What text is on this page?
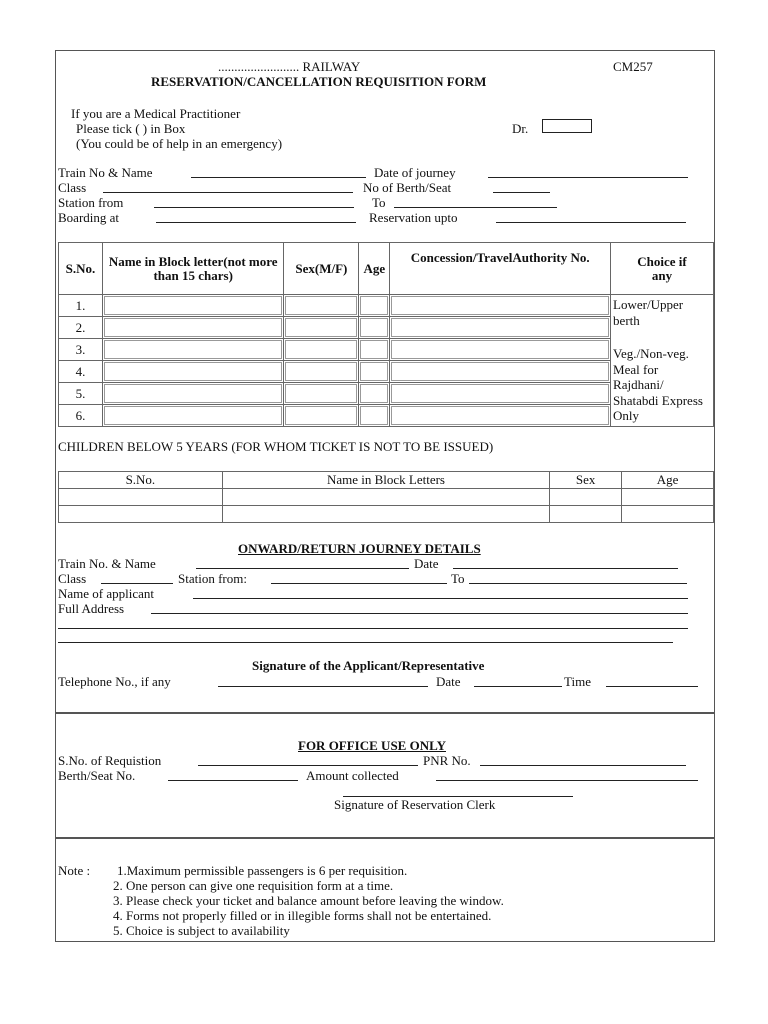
......................... RAILWAY	CM257
RESERVATION/CANCELLATION REQUISITION FORM
If you are a Medical Practitioner
Please tick ( ) in Box
(You could be of help in an emergency)
Dr.
Train No & Name	Date of journey
Class	No of Berth/Seat
Station from	To
Boarding at	Reservation upto
S.No.	Name in Block letter(not more than 15 chars)	Sex(M/F)	Age	Concession/TravelAuthority No.	Choice if any
1.					Lower/Upper berth
Veg./Non-veg. Meal for Rajdhani/ Shatabdi Express Only

2.		

3.		

4.		

5.		

6.		

CHILDREN BELOW 5 YEARS (FOR WHOM TICKET IS NOT TO BE ISSUED)
S.No.	Name in Block Letters	Sex	Age

ONWARD/RETURN JOURNEY DETAILS
Train No. & Name	Date
Class	Station from:	To
Name of applicant
Full Address
Signature of the Applicant/Representative
Telephone No., if any	Date	Time
FOR OFFICE USE ONLY
S.No. of Requistion	PNR No.
Berth/Seat No.	Amount collected
Signature of Reservation Clerk
Note : 1.Maximum permissible passengers is 6 per requisition.
2. One person can give one requisition form at a time.
3. Please check your ticket and balance amount before leaving the window.
4. Forms not properly filled or in illegible forms shall not be entertained.
5. Choice is subject to availability
